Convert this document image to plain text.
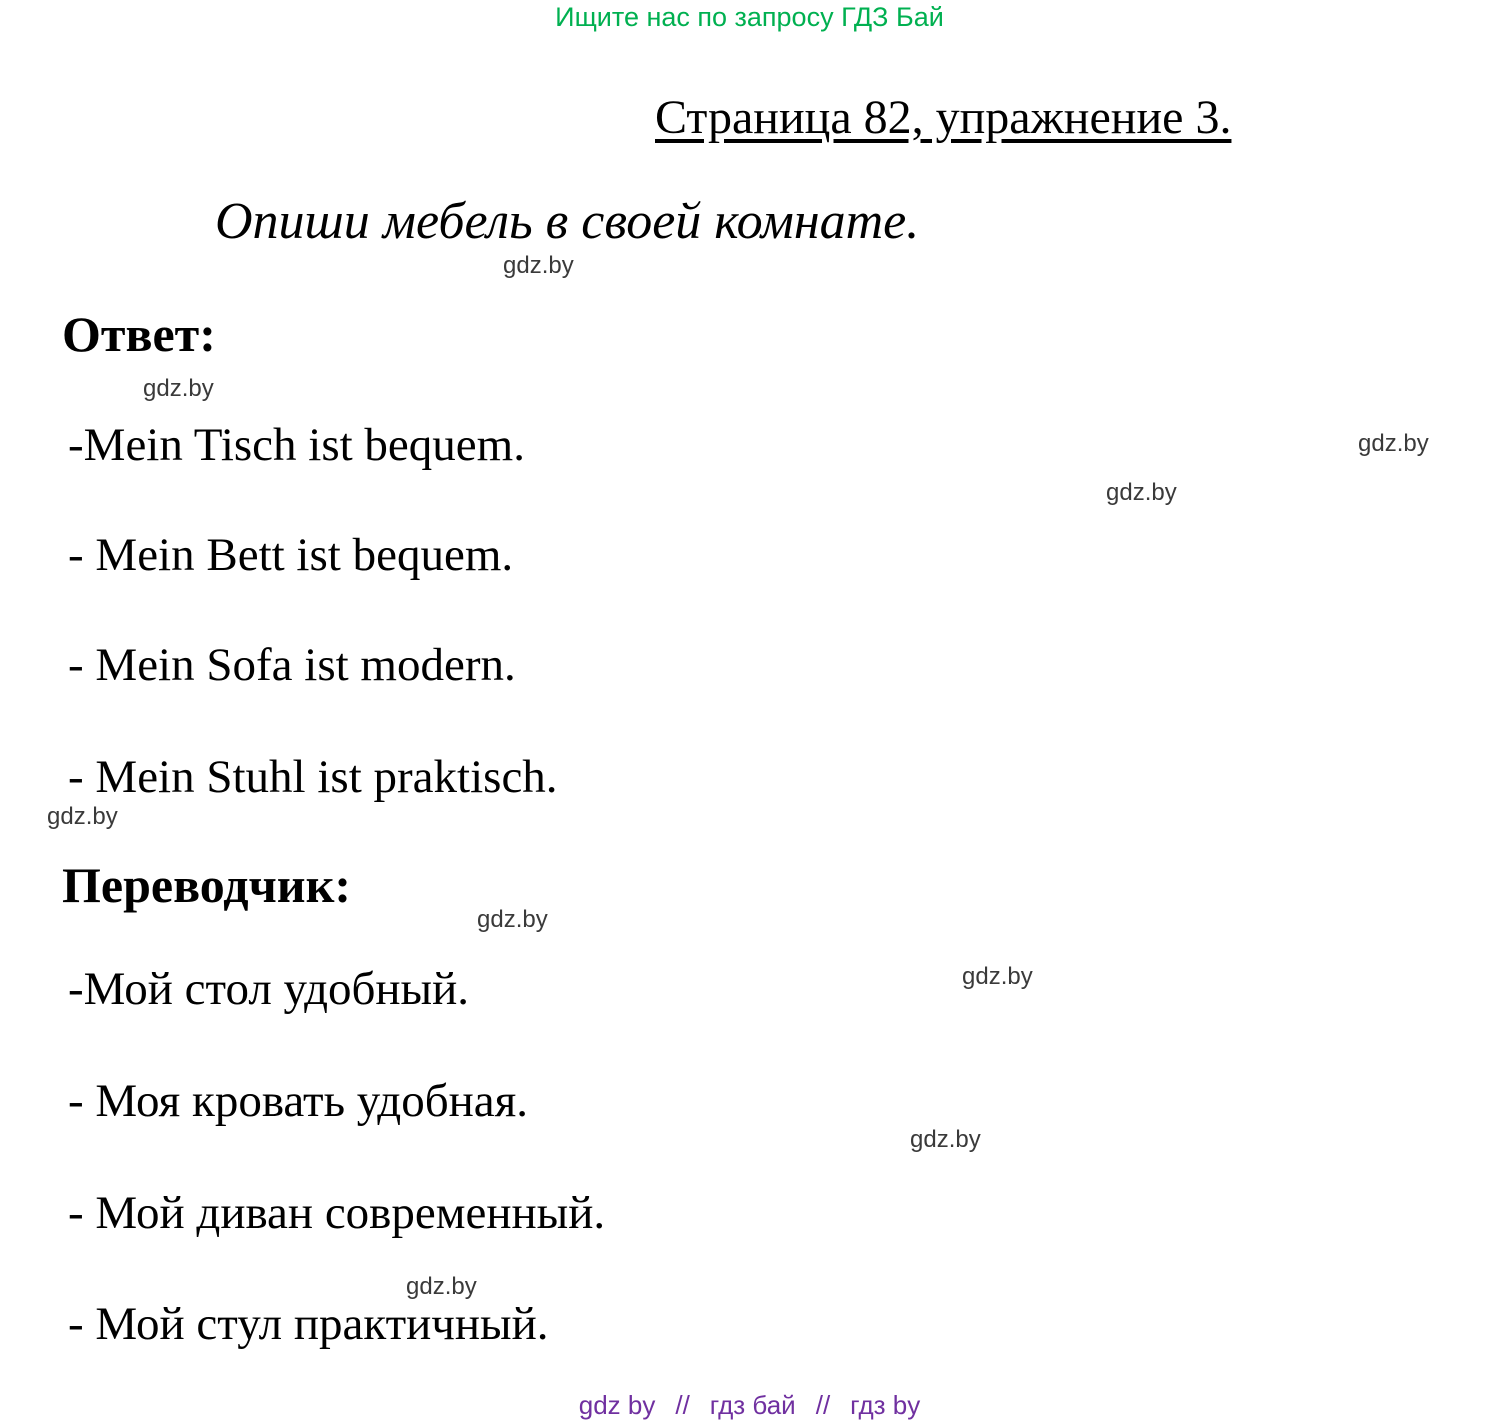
Ищите нас по запросу ГДЗ Бай
Страница 82, упражнение 3.
Опиши мебель в своей комнате.
Ответ:
-Mein Tisch ist bequem.
- Mein Bett ist bequem.
- Mein Sofa ist modern.
- Mein Stuhl ist praktisch.
Переводчик:
-Мой стол удобный.
- Моя кровать удобная.
- Мой диван современный.
- Мой стул практичный.
gdz.by
gdz.by
gdz.by
gdz.by
gdz.by
gdz.by
gdz.by
gdz.by
gdz.by
gdz by // гдз бай // гдз by
